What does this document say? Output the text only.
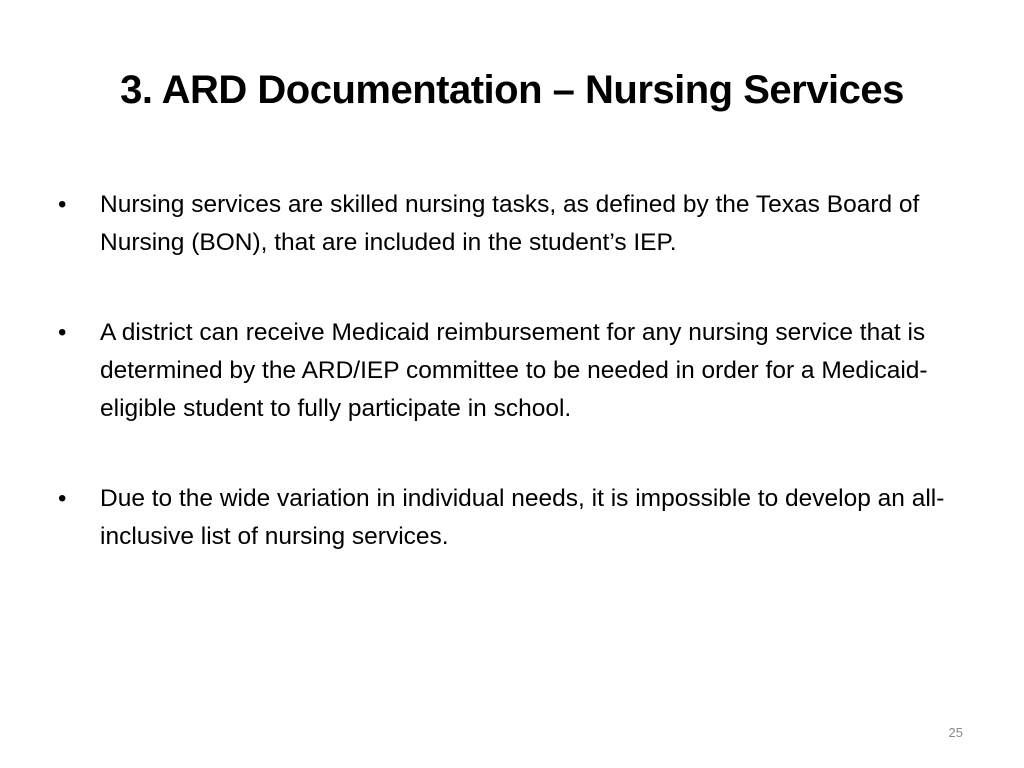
3. ARD Documentation – Nursing Services
• Nursing services are skilled nursing tasks, as defined by the Texas Board of Nursing (BON), that are included in the student’s IEP.
• A district can receive Medicaid reimbursement for any nursing service that is determined by the ARD/IEP committee to be needed in order for a Medicaid-eligible student to fully participate in school.
• Due to the wide variation in individual needs, it is impossible to develop an all-inclusive list of nursing services.
25
